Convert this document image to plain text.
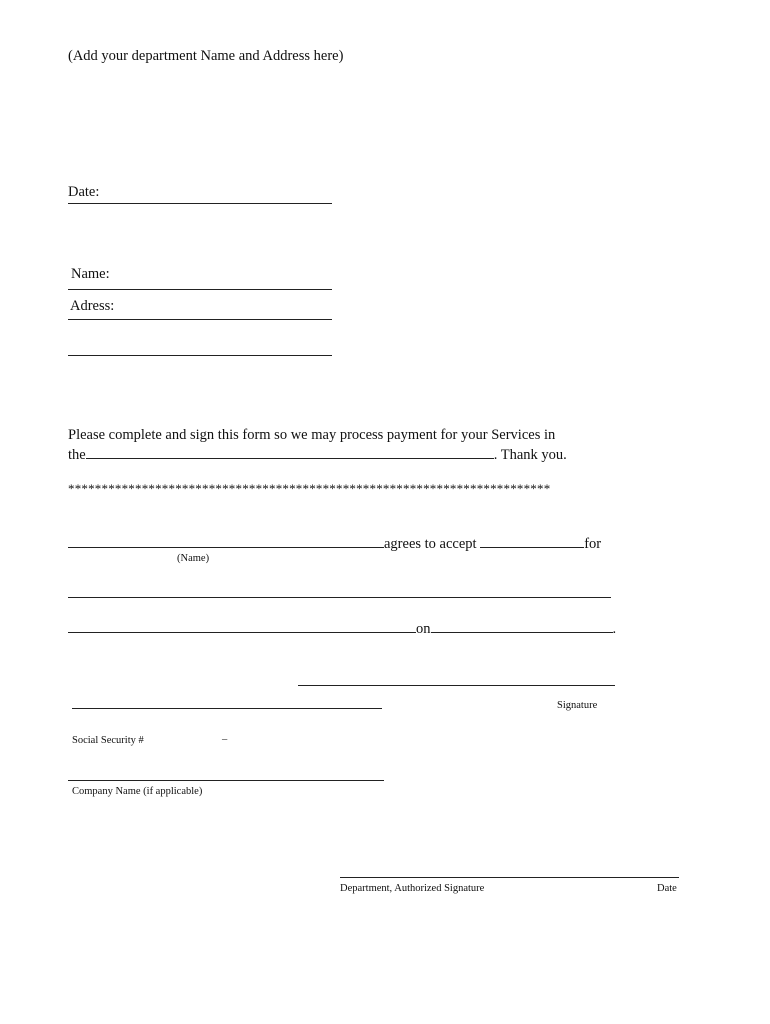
(Add your department Name and Address here)
Date:
Name:
Adress:
Please complete and sign this form so we may process payment for your Services in
the	. Thank you.
************************************************************************
agrees to accept	for
(Name)
on	.
Signature
Social Security #	–
Company Name (if applicable)
Department, Authorized Signature	Date
